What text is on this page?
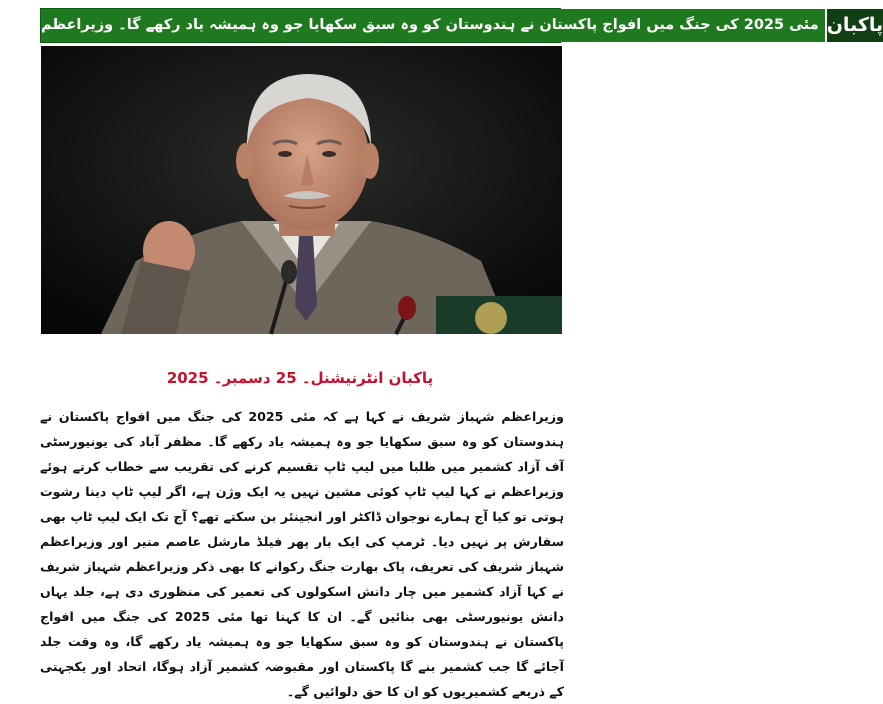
مئی 2025 کی جنگ میں افواج پاکستان نے ہندوستان کو وہ سبق سکھایا جو وہ ہمیشہ یاد رکھے گا۔ وزیراعظم پاکبان
پاکبان انٹرنیشنل۔ 25 دسمبر۔ 2025

وزیراعظم شہباز شریف نے کہا ہے کہ مئی 2025 کی جنگ میں افواج پاکستان نے ہندوستان کو وہ سبق سکھایا جو وہ ہمیشہ یاد رکھے گا۔ مظفر آباد کی یونیورسٹی آف آزاد کشمیر میں طلبا میں لیپ ٹاپ تقسیم کرنے کی تقریب سے خطاب کرتے ہوئے وزیراعظم نے کہا لیپ ٹاپ کوئی مشین نہیں یہ ایک وژن ہے، اگر لیپ ٹاپ دینا رشوت ہوتی تو کیا آج ہمارے نوجوان ڈاکٹر اور انجینئر بن سکتے تھے؟ آج تک ایک لیپ ٹاپ بھی سفارش پر نہیں دیا۔ ٹرمپ کی ایک بار پھر فیلڈ مارشل عاصم منیر اور وزیراعظم شہباز شریف کی تعریف، پاک بھارت جنگ رکوانے کا بھی ذکر وزیراعظم شہباز شریف نے کہا آزاد کشمیر میں چار دانش اسکولوں کی تعمیر کی منظوری دی ہے، جلد یہاں دانش یونیورسٹی بھی بنائیں گے۔ ان کا کہنا تھا مئی 2025 کی جنگ میں افواج پاکستان نے ہندوستان کو وہ سبق سکھایا جو وہ ہمیشہ یاد رکھے گا، وہ وقت جلد آجائے گا جب کشمیر بنے گا پاکستان اور مقبوضہ کشمیر آزاد ہوگا، اتحاد اور یکجہتی کے ذریعے کشمیریوں کو ان کا حق دلوائیں گے۔
